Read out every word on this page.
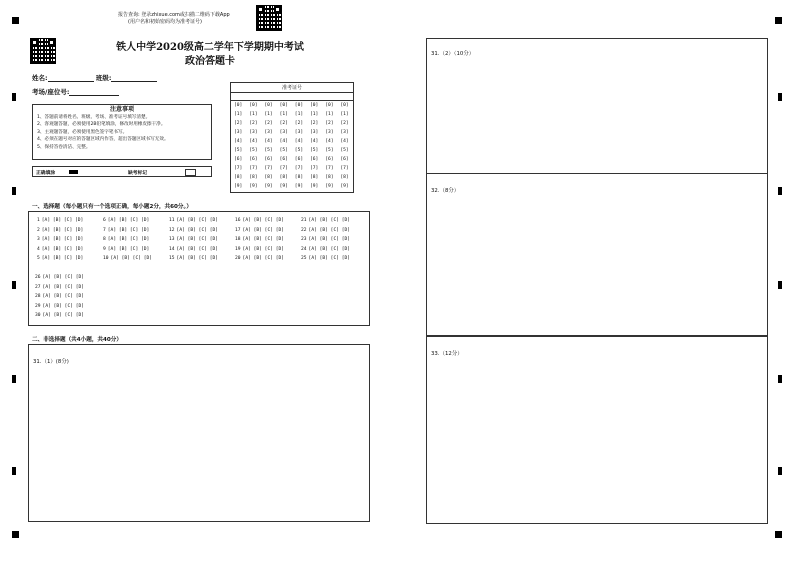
报告查询: 登录zhixue.com或扫描二维码下载App
(用户名和初始密码均为准考证号)
铁人中学2020级高二学年下学期期中考试
政治答题卡
姓名:	班级:
考场/座位号:
注意事项
1、答题前请将姓名、班级、考场、准考证号填写清楚。
2、客观题答题，必须使用2B铅笔填涂，修改时用橡皮擦干净。
3、主观题答题，必须使用黑色签字笔书写。
4、必须在题号对应的答题区域内作答，超出答题区域书写无效。
5、保持答卷清洁、完整。
正确填涂	缺考标记
准考证号
[0] [0] [0] [0] [0] [0] [0] [0]
[1] [1] [1] [1] [1] [1] [1] [1]
[2] [2] [2] [2] [2] [2] [2] [2]
[3] [3] [3] [3] [3] [3] [3] [3]
[4] [4] [4] [4] [4] [4] [4] [4]
[5] [5] [5] [5] [5] [5] [5] [5]
[6] [6] [6] [6] [6] [6] [6] [6]
[7] [7] [7] [7] [7] [7] [7] [7]
[8] [8] [8] [8] [8] [8] [8] [8]
[9] [9] [9] [9] [9] [9] [9] [9]
一、选择题（每小题只有一个选项正确，每小题2分，共60分。）
1 [A] [B] [C] [D]
2 [A] [B] [C] [D]
3 [A] [B] [C] [D]
4 [A] [B] [C] [D]
5 [A] [B] [C] [D]
6 [A] [B] [C] [D]
7 [A] [B] [C] [D]
8 [A] [B] [C] [D]
9 [A] [B] [C] [D]
10 [A] [B] [C] [D]
11 [A] [B] [C] [D]
12 [A] [B] [C] [D]
13 [A] [B] [C] [D]
14 [A] [B] [C] [D]
15 [A] [B] [C] [D]
16 [A] [B] [C] [D]
17 [A] [B] [C] [D]
18 [A] [B] [C] [D]
19 [A] [B] [C] [D]
20 [A] [B] [C] [D]
21 [A] [B] [C] [D]
22 [A] [B] [C] [D]
23 [A] [B] [C] [D]
24 [A] [B] [C] [D]
25 [A] [B] [C] [D]
26 [A] [B] [C] [D]
27 [A] [B] [C] [D]
28 [A] [B] [C] [D]
29 [A] [B] [C] [D]
30 [A] [B] [C] [D]
二、非选择题（共4小题，共40分）
31.（1）(8分)
31.（2）（10分）
32.（8分）
33.（12分）
